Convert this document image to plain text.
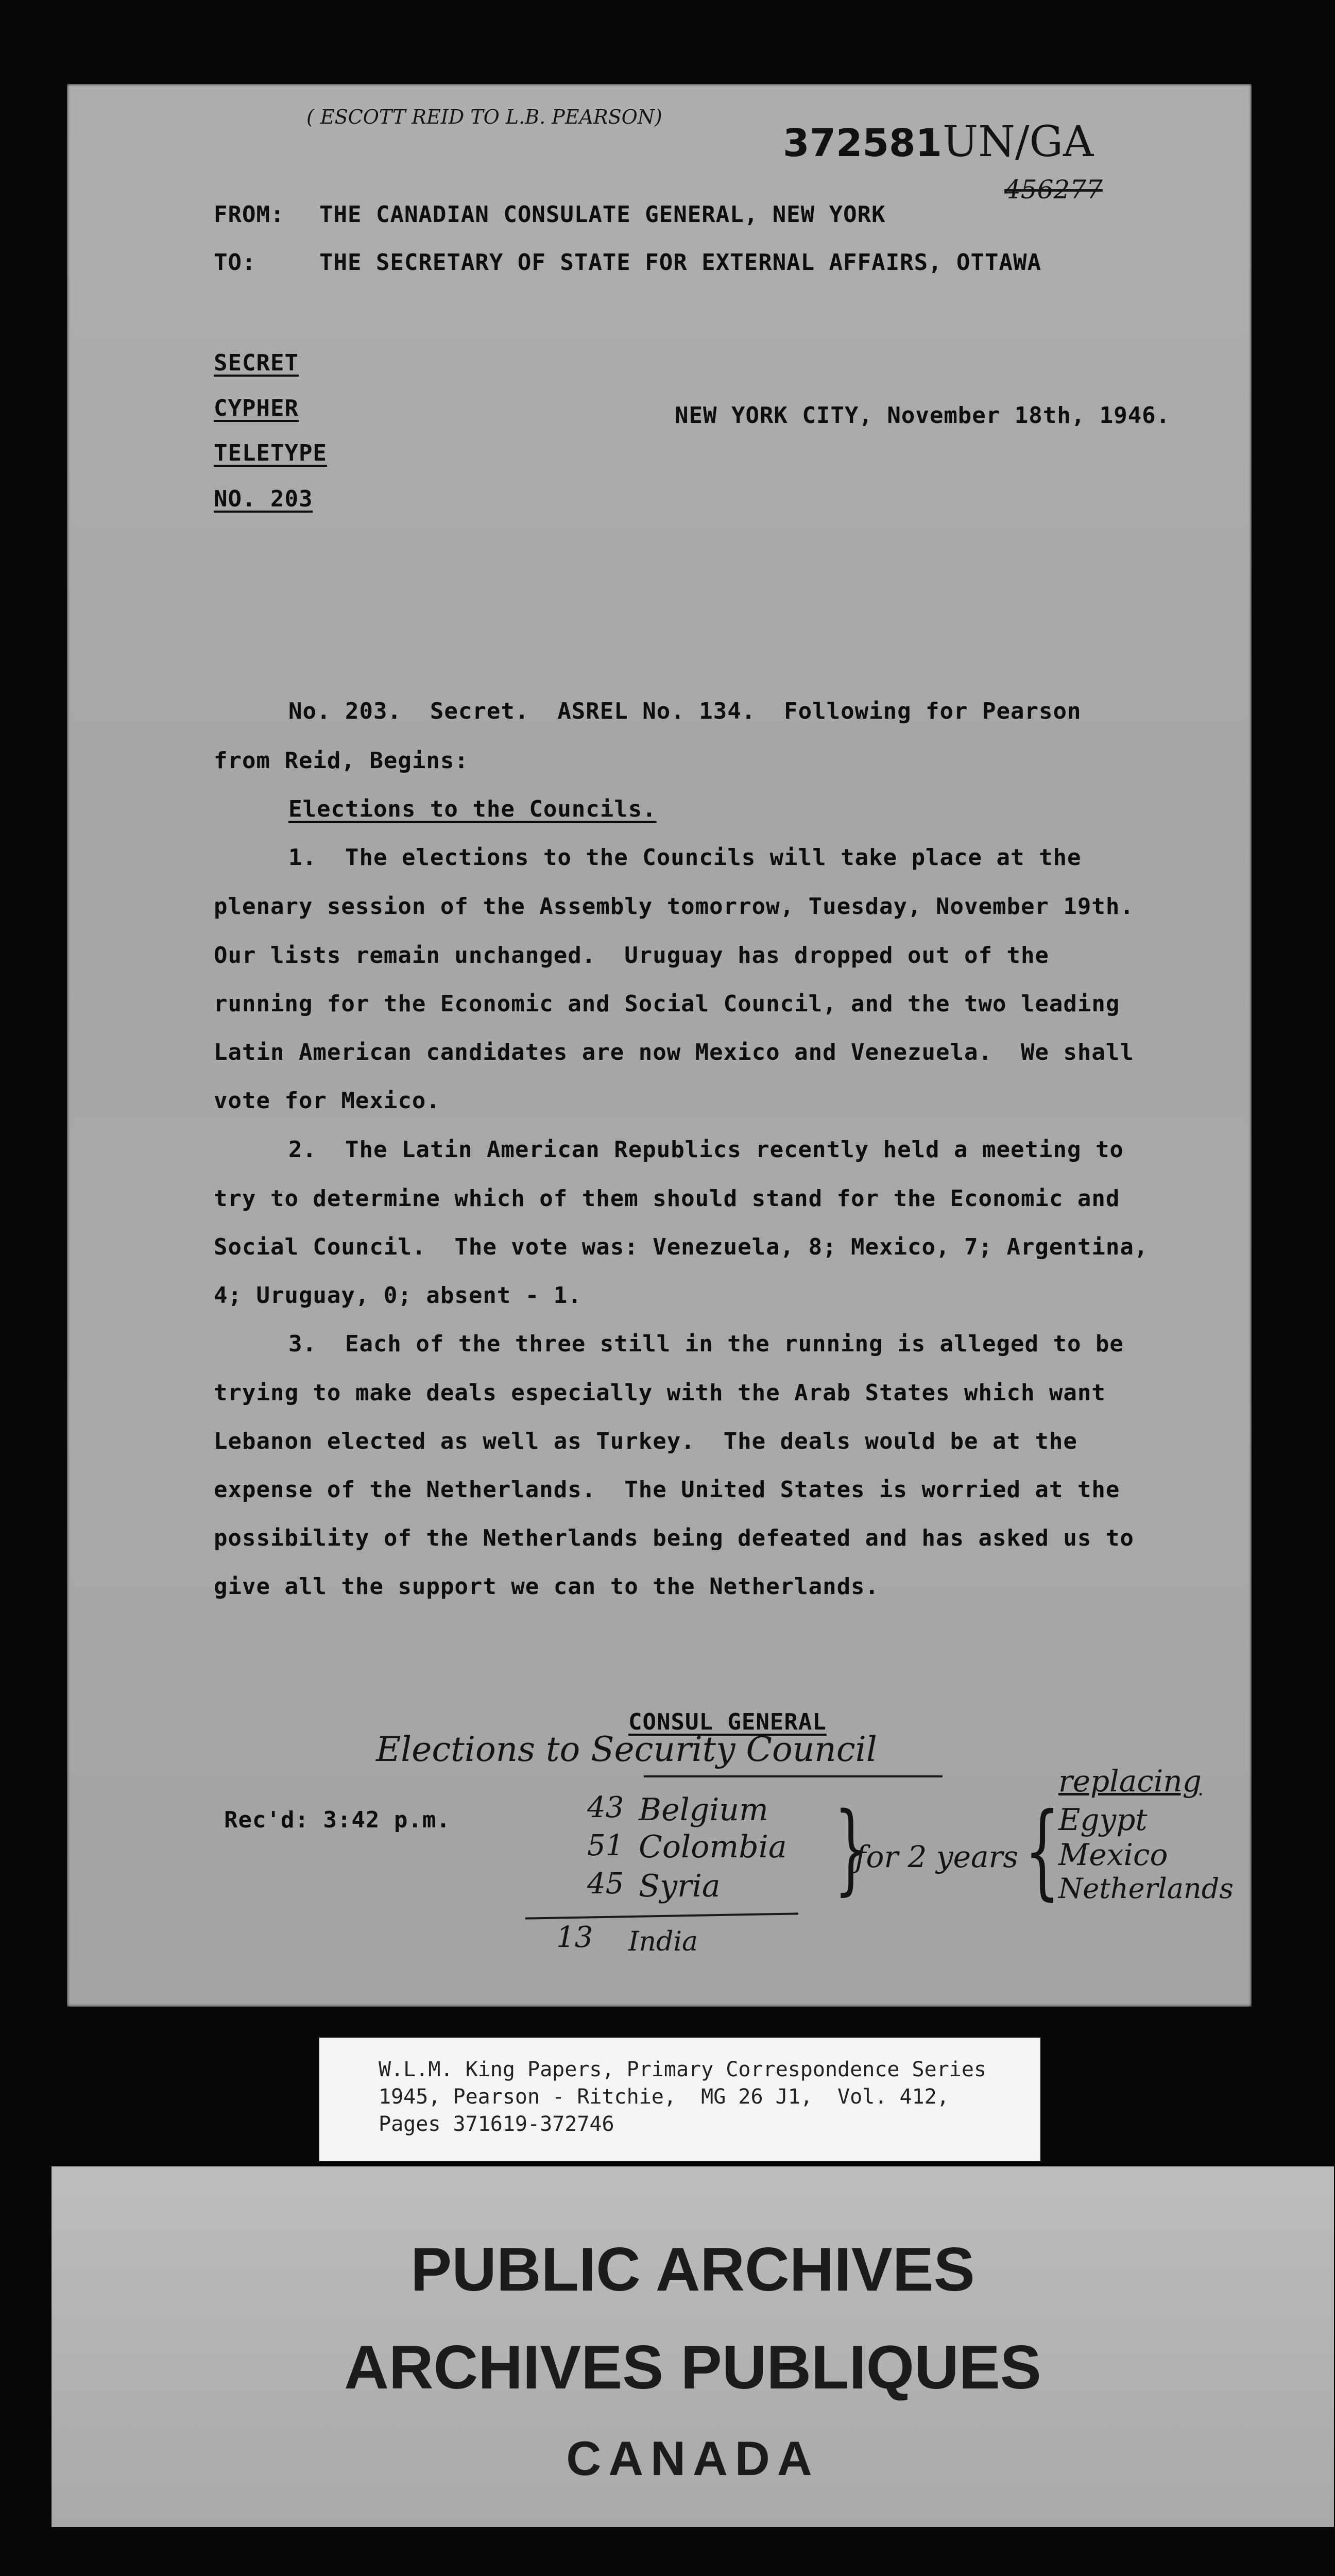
( ESCOTT REID TO L.B. PEARSON)
372581 UN/GA
456277
FROM: THE CANADIAN CONSULATE GENERAL, NEW YORK
TO:	THE SECRETARY OF STATE FOR EXTERNAL AFFAIRS, OTTAWA
SECRET
CYPHER
TELETYPE
NO. 203
NEW YORK CITY, November 18th, 1946.
No. 203.  Secret.  ASREL No. 134.  Following for Pearson
from Reid, Begins:
Elections to the Councils.
1.  The elections to the Councils will take place at the
plenary session of the Assembly tomorrow, Tuesday, November 19th.
Our lists remain unchanged.  Uruguay has dropped out of the
running for the Economic and Social Council, and the two leading
Latin American candidates are now Mexico and Venezuela.  We shall
vote for Mexico.
2.  The Latin American Republics recently held a meeting to
try to determine which of them should stand for the Economic and
Social Council.  The vote was: Venezuela, 8; Mexico, 7; Argentina,
4; Uruguay, 0; absent - 1.
3.  Each of the three still in the running is alleged to be
trying to make deals especially with the Arab States which want
Lebanon elected as well as Turkey.  The deals would be at the
expense of the Netherlands.  The United States is worried at the
possibility of the Netherlands being defeated and has asked us to
give all the support we can to the Netherlands.
CONSUL GENERAL
Rec'd: 3:42 p.m.
Elections to Security Council
43 Belgium
51 Colombia
45 Syria
13 India
}
for 2 years {
replacing
Egypt
Mexico
Netherlands
W.L.M. King Papers, Primary Correspondence Series
1945, Pearson - Ritchie,  MG 26 J1,  Vol. 412,
Pages 371619-372746
PUBLIC ARCHIVES
ARCHIVES PUBLIQUES
CANADA
